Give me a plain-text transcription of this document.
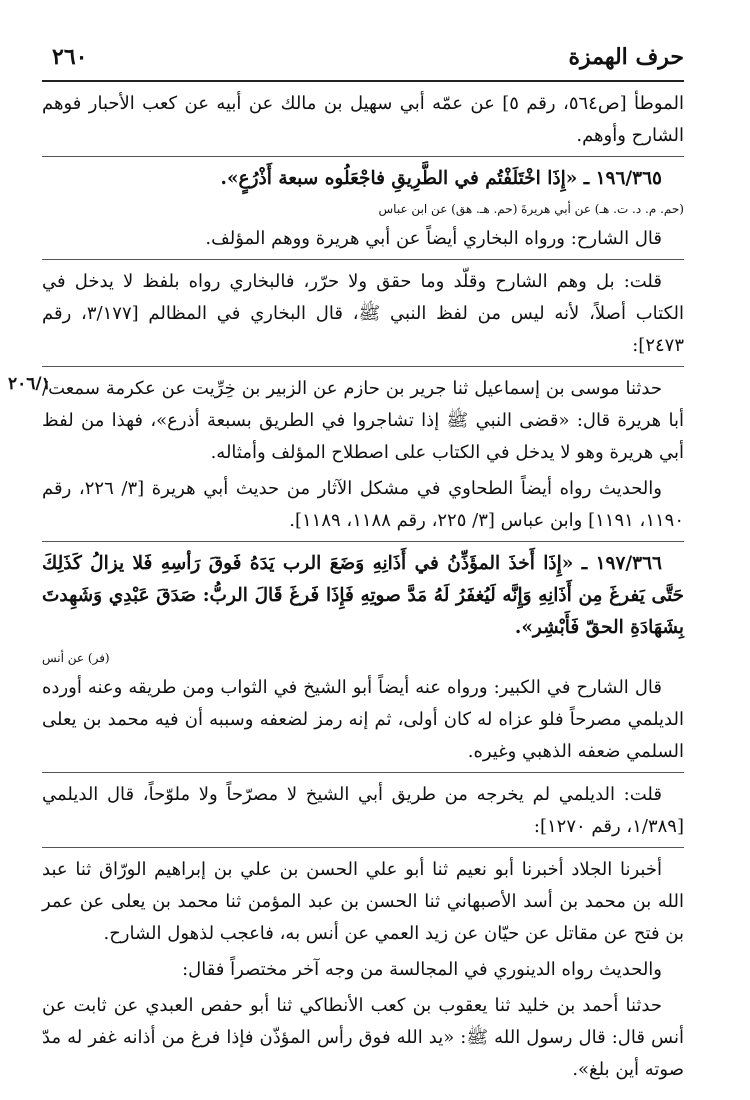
حرف الهمزة
٢٦٠

الموطأ [ص٥٦٤، رقم ٥] عن عمّه أبي سهيل بن مالك عن أبيه عن كعب الأحبار فوهم الشارح وأوهم.

١٩٦/٣٦٥ ـ «إِذَا اخْتَلَفْتُم في الطَّرِيقِ فاجْعَلُوه سبعة أَذْرُعٍ».

(حم. م. د. ت. هـ) عن أبي هريرةَ (حم. هـ. هق) عن ابن عباس

قال الشارح: ورواه البخاري أيضاً عن أبي هريرة ووهم المؤلف.

قلت: بل وهم الشارح وقلّد وما حقق ولا حرّر، فالبخاري رواه بلفظ لا يدخل في الكتاب أصلاً، لأنه ليس من لفظ النبي ﷺ، قال البخاري في المظالم [٣/١٧٧، رقم ٢٤٧٣]:

حدثنا موسى بن إسماعيل ثنا جرير بن حازم عن الزبير بن خِرِّيت عن عكرمة سمعت/ أبا هريرة قال: «قضى النبي ﷺ إذا تشاجروا في الطريق بسبعة أذرع»، فهذا من لفظ أبي هريرة وهو لا يدخل في الكتاب على اصطلاح المؤلف وأمثاله.

والحديث رواه أيضاً الطحاوي في مشكل الآثار من حديث أبي هريرة [٣/ ٢٢٦، رقم ١١٩٠، ١١٩١] وابن عباس [٣/ ٢٢٥، رقم ١١٨٨، ١١٨٩].

١٩٧/٣٦٦ ـ «إِذَا أَخذَ المؤَذِّنُ في أَذَانِهِ وَضَعَ الرب يَدَهُ فَوقَ رَأسِهِ فَلا يزالُ كَذَلِكَ حَتَّى يَفرغَ مِن أَذَانِهِ وَإِنَّه لَيُغفَرُ لَهُ مَدَّ صوتِهِ فَإِذَا فَرغَ قَالَ الربُّ: صَدَقَ عَبْدِي وَشَهِدتَ بِشَهَادَةِ الحقّ فَأَبْشِر».

(فر) عن أنس

قال الشارح في الكبير: ورواه عنه أيضاً أبو الشيخ في الثواب ومن طريقه وعنه أورده الديلمي مصرحاً فلو عزاه له كان أولى، ثم إنه رمز لضعفه وسببه أن فيه محمد بن يعلى السلمي ضعفه الذهبي وغيره.

قلت: الديلمي لم يخرجه من طريق أبي الشيخ لا مصرّحاً ولا ملوّحاً، قال الديلمي [١/٣٨٩، رقم ١٢٧٠]:

أخبرنا الجلاد أخبرنا أبو نعيم ثنا أبو علي الحسن بن علي بن إبراهيم الورّاق ثنا عبد الله بن محمد بن أسد الأصبهاني ثنا الحسن بن عبد المؤمن ثنا محمد بن يعلى عن عمر بن فتح عن مقاتل عن حيّان عن زيد العمي عن أنس به، فاعجب لذهول الشارح.

والحديث رواه الدينوري في المجالسة من وجه آخر مختصراً فقال:

حدثنا أحمد بن خليد ثنا يعقوب بن كعب الأنطاكي ثنا أبو حفص العبدي عن ثابت عن أنس قال: قال رسول الله ﷺ: «يد الله فوق رأس المؤذّن فإذا فرغ من أذانه غفر له مدّ صوته أين بلغ».

٢٠٦/١
